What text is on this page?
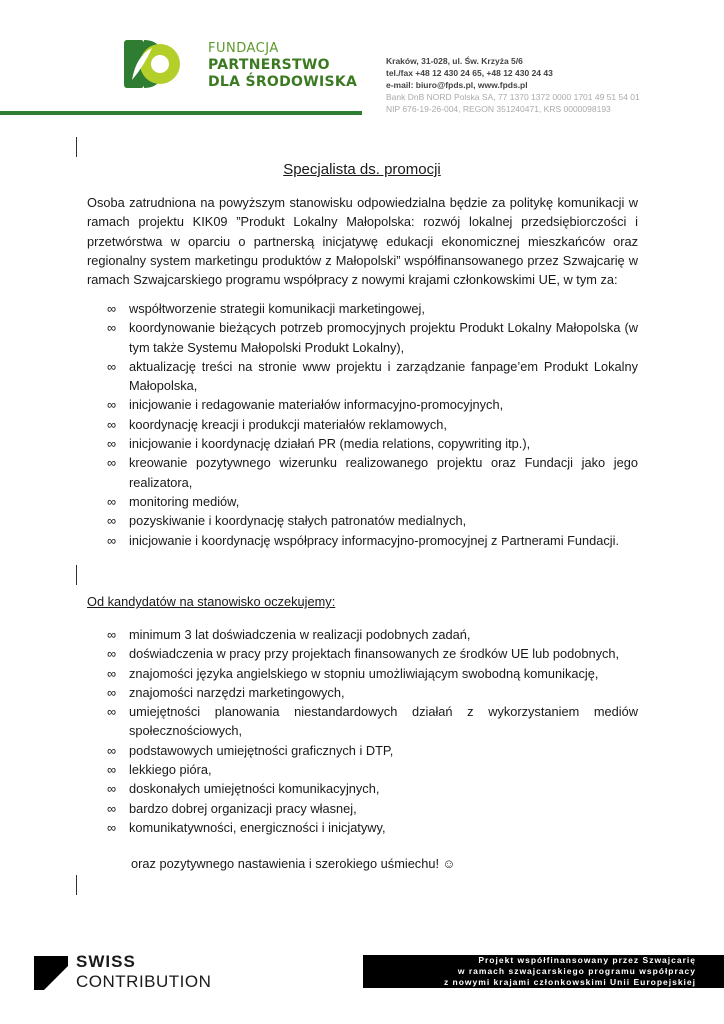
FUNDACJA
PARTNERSTWO
DLA ŚRODOWISKA
Kraków, 31-028, ul. Św. Krzyża 5/6
tel./fax +48 12 430 24 65, +48 12 430 24 43
e-mail: biuro@fpds.pl, www.fpds.pl
Bank DnB NORD Polska SA, 77 1370 1372 0000 1701 49 51 54 01
NIP 676-19-26-004, REGON 351240471, KRS 0000098193
Specjalista ds. promocji
Osoba zatrudniona na powyższym stanowisku odpowiedzialna będzie za politykę komunikacji w ramach projektu KIK09 ”Produkt Lokalny Małopolska: rozwój lokalnej przedsiębiorczości i przetwórstwa w oparciu o partnerską inicjatywę edukacji ekonomicznej mieszkańców oraz regionalny system marketingu produktów z Małopolski” współfinansowanego przez Szwajcarię w ramach Szwajcarskiego programu współpracy z nowymi krajami członkowskimi UE, w tym za:
∞ współtworzenie strategii komunikacji marketingowej,
∞ koordynowanie bieżących potrzeb promocyjnych projektu Produkt Lokalny Małopolska (w tym także Systemu Małopolski Produkt Lokalny),
∞ aktualizację treści na stronie www projektu i zarządzanie fanpage’em Produkt Lokalny Małopolska,
∞ inicjowanie i redagowanie materiałów informacyjno-promocyjnych,
∞ koordynację kreacji i produkcji materiałów reklamowych,
∞ inicjowanie i koordynację działań PR (media relations, copywriting itp.),
∞ kreowanie pozytywnego wizerunku realizowanego projektu oraz Fundacji jako jego realizatora,
∞ monitoring mediów,
∞ pozyskiwanie i koordynację stałych patronatów medialnych,
∞ inicjowanie i koordynację współpracy informacyjno-promocyjnej z Partnerami Fundacji.
Od kandydatów na stanowisko oczekujemy:
∞ minimum 3 lat doświadczenia w realizacji podobnych zadań,
∞ doświadczenia w pracy przy projektach finansowanych ze środków UE lub podobnych,
∞ znajomości języka angielskiego w stopniu umożliwiającym swobodną komunikację,
∞ znajomości narzędzi marketingowych,
∞ umiejętności planowania niestandardowych działań z wykorzystaniem mediów społecznościowych,
∞ podstawowych umiejętności graficznych i DTP,
∞ lekkiego pióra,
∞ doskonałych umiejętności komunikacyjnych,
∞ bardzo dobrej organizacji pracy własnej,
∞ komunikatywności, energiczności i inicjatywy,
oraz pozytywnego nastawienia i szerokiego uśmiechu! ☺
SWISS
CONTRIBUTION
Projekt współfinansowany przez Szwajcarię
w ramach szwajcarskiego programu współpracy
z nowymi krajami członkowskimi Unii Europejskiej
